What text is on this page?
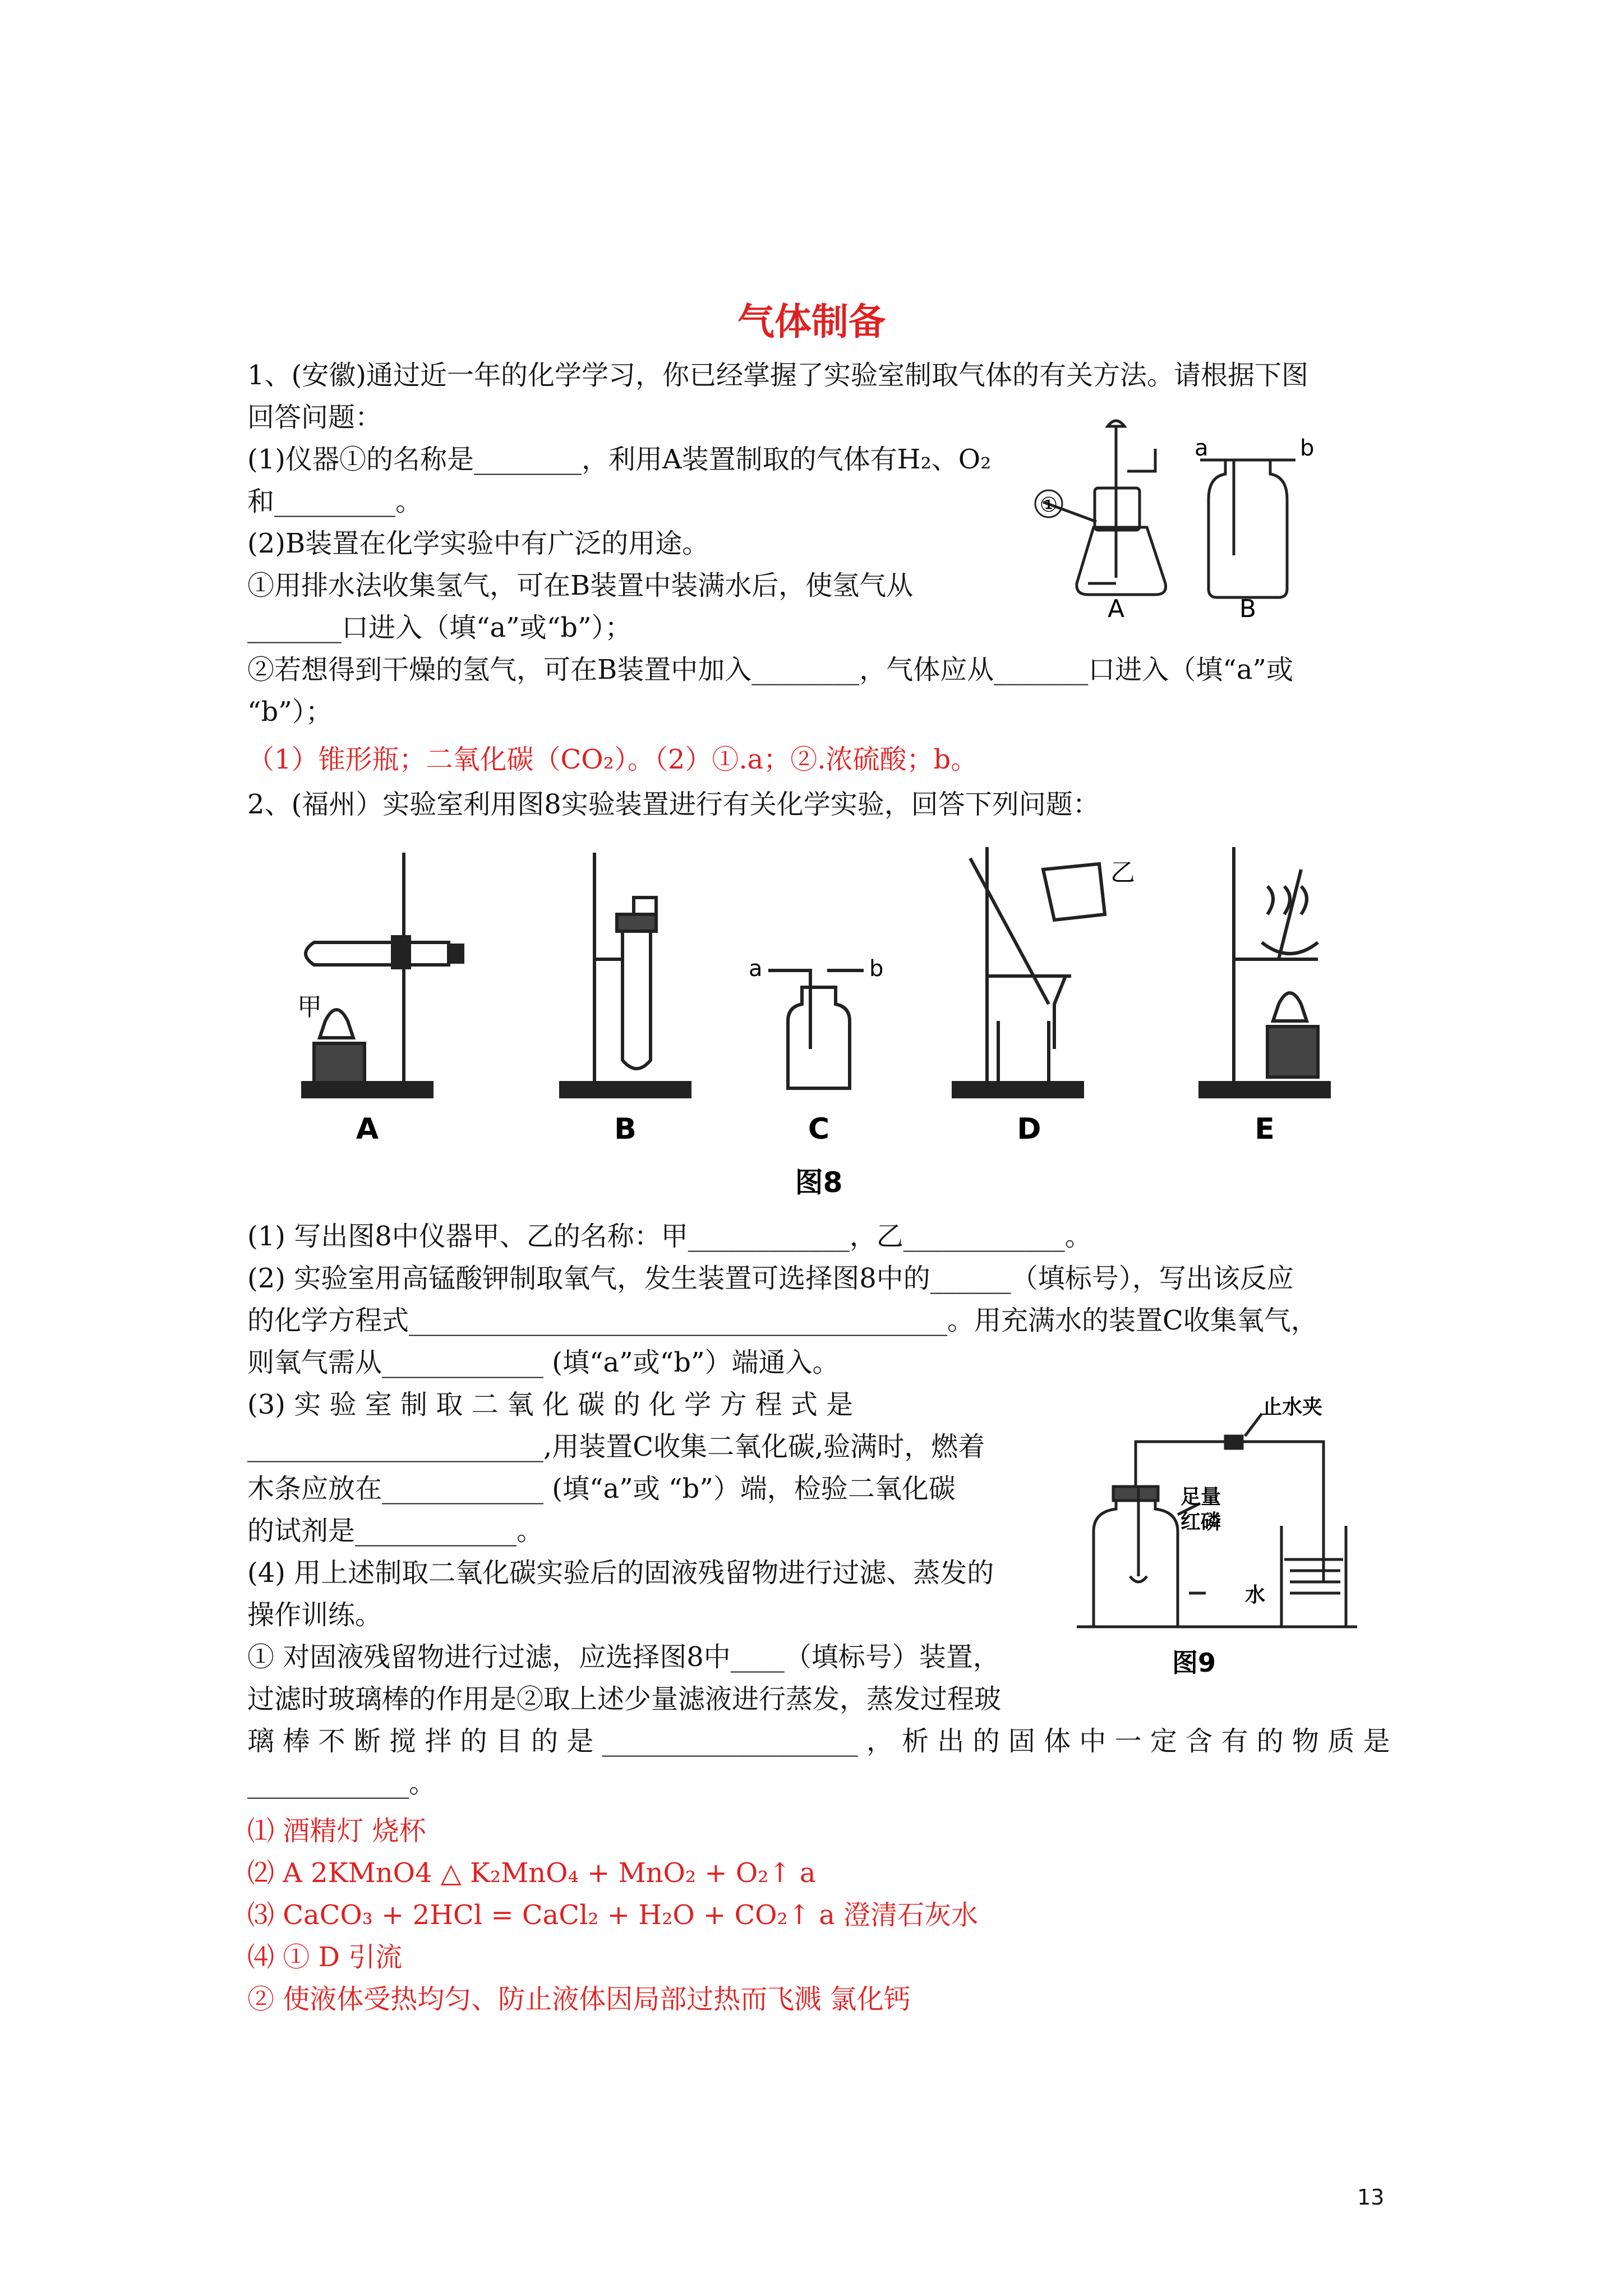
气体制备
1、(安徽)通过近一年的化学学习，你已经掌握了实验室制取气体的有关方法。请根据下图
回答问题：
(1)仪器①的名称是________，利用A装置制取的气体有H₂、O₂
和_________。
(2)B装置在化学实验中有广泛的用途。
①用排水法收集氢气，可在B装置中装满水后，使氢气从
_______口进入（填“a”或“b”）；
②若想得到干燥的氢气，可在B装置中加入________，气体应从_______口进入（填“a”或
“b”）；
（1）锥形瓶；二氧化碳（CO₂）。（2）①.a；②.浓硫酸；b。
①
a	b
A	B
2、(福州）实验室利用图8实验装置进行有关化学实验，回答下列问题：
甲
乙
a	b
A	B	C	D	E
图8
(1) 写出图8中仪器甲、乙的名称：甲____________，乙____________。
(2) 实验室用高锰酸钾制取氧气，发生装置可选择图8中的______（填标号），写出该反应
的化学方程式________________________________________。用充满水的装置C收集氧气，
则氧气需从____________ (填“a”或“b”）端通入。
(3) 实 验 室 制 取 二 氧 化 碳 的 化 学 方 程 式 是
______________________,用装置C收集二氧化碳,验满时，燃着
木条应放在____________ (填“a”或 “b”）端，检验二氧化碳
的试剂是____________。
(4) 用上述制取二氧化碳实验后的固液残留物进行过滤、蒸发的
操作训练。
① 对固液残留物进行过滤，应选择图8中____（填标号）装置，
过滤时玻璃棒的作用是②取上述少量滤液进行蒸发，蒸发过程玻
璃 棒 不 断 搅 拌 的 目 的 是 ___________________ ， 析 出 的 固 体 中 一 定 含 有 的 物 质 是
____________。
止水夹
足量
红磷
水
图9
⑴ 酒精灯 烧杯
⑵ A 2KMnO4 △ K₂MnO₄ + MnO₂ + O₂↑ a
⑶ CaCO₃ + 2HCl = CaCl₂ + H₂O + CO₂↑ a 澄清石灰水
⑷ ① D 引流
② 使液体受热均匀、防止液体因局部过热而飞溅 氯化钙
13
